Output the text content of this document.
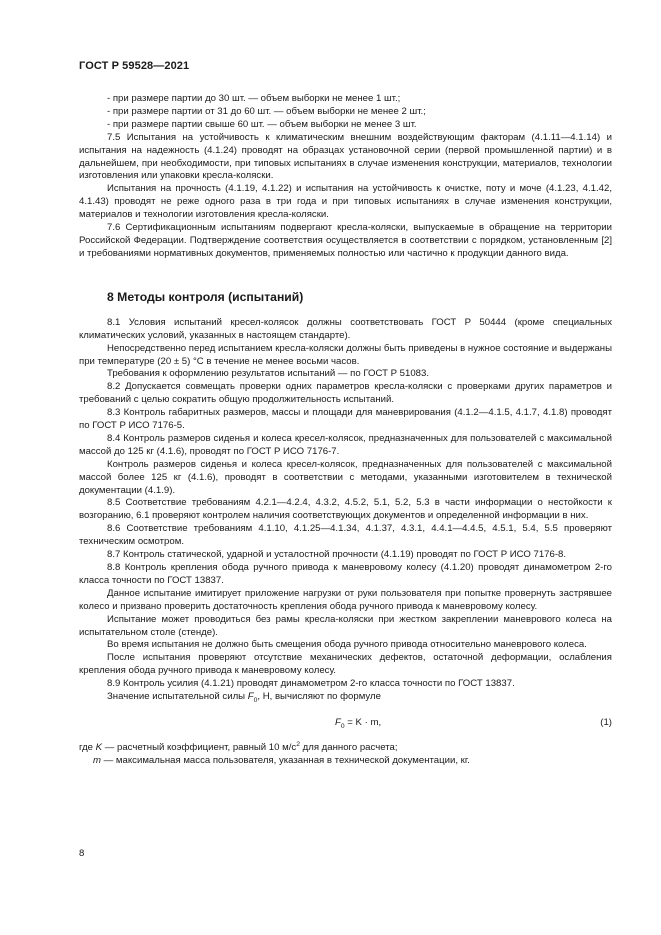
ГОСТ Р 59528—2021

- при размере партии до 30 шт. — объем выборки не менее 1 шт.;

- при размере партии от 31 до 60 шт. — объем выборки не менее 2 шт.;

- при размере партии свыше 60 шт. — объем выборки не менее 3 шт.

7.5 Испытания на устойчивость к климатическим внешним воздействующим факторам (4.1.11—4.1.14) и испытания на надежность (4.1.24) проводят на образцах установочной серии (первой промышленной партии) и в дальнейшем, при необходимости, при типовых испытаниях в случае изменения конструкции, материалов, технологии изготовления или упаковки кресла-коляски.

Испытания на прочность (4.1.19, 4.1.22) и испытания на устойчивость к очистке, поту и моче (4.1.23, 4.1.42, 4.1.43) проводят не реже одного раза в три года и при типовых испытаниях в случае изменения конструкции, материалов и технологии изготовления кресла-коляски.

7.6 Сертификационным испытаниям подвергают кресла-коляски, выпускаемые в обращение на территории Российской Федерации. Подтверждение соответствия осуществляется в соответствии с порядком, установленным [2] и требованиями нормативных документов, применяемых полностью или частично к продукции данного вида.

8 Методы контроля (испытаний)

8.1 Условия испытаний кресел-колясок должны соответствовать ГОСТ Р 50444 (кроме специальных климатических условий, указанных в настоящем стандарте).

Непосредственно перед испытанием кресла-коляски должны быть приведены в нужное состояние и выдержаны при температуре (20 ± 5) °С в течение не менее восьми часов.

Требования к оформлению результатов испытаний — по ГОСТ Р 51083.

8.2 Допускается совмещать проверки одних параметров кресла-коляски с проверками других параметров и требований с целью сократить общую продолжительность испытаний.

8.3 Контроль габаритных размеров, массы и площади для маневрирования (4.1.2—4.1.5, 4.1.7, 4.1.8) проводят по ГОСТ Р ИСО 7176-5.

8.4 Контроль размеров сиденья и колеса кресел-колясок, предназначенных для пользователей с максимальной массой до 125 кг (4.1.6), проводят по ГОСТ Р ИСО 7176-7.

Контроль размеров сиденья и колеса кресел-колясок, предназначенных для пользователей с максимальной массой более 125 кг (4.1.6), проводят в соответствии с методами, указанными изготовителем в технической документации (4.1.9).

8.5 Соответствие требованиям 4.2.1—4.2.4, 4.3.2, 4.5.2, 5.1, 5.2, 5.3 в части информации о нестойкости к возгоранию, 6.1 проверяют контролем наличия соответствующих документов и определенной информации в них.

8.6 Соответствие требованиям 4.1.10, 4.1.25—4.1.34, 4.1.37, 4.3.1, 4.4.1—4.4.5, 4.5.1, 5.4, 5.5 проверяют техническим осмотром.

8.7 Контроль статической, ударной и усталостной прочности (4.1.19) проводят по ГОСТ Р ИСО 7176-8.

8.8 Контроль крепления обода ручного привода к маневровому колесу (4.1.20) проводят динамометром 2-го класса точности по ГОСТ 13837.

Данное испытание имитирует приложение нагрузки от руки пользователя при попытке провернуть застрявшее колесо и призвано проверить достаточность крепления обода ручного привода к маневровому колесу.

Испытание может проводиться без рамы кресла-коляски при жестком закреплении маневрового колеса на испытательном столе (стенде).

Во время испытания не должно быть смещения обода ручного привода относительно маневрового колеса.

После испытания проверяют отсутствие механических дефектов, остаточной деформации, ослабления крепления обода ручного привода к маневровому колесу.

8.9 Контроль усилия (4.1.21) проводят динамометром 2-го класса точности по ГОСТ 13837.

Значение испытательной силы $F_0$, Н, вычисляют по формуле

$F_0 = K \cdot m$,	(1)

где K — расчетный коэффициент, равный 10 $м/с^2$ для данного расчета;

m — максимальная масса пользователя, указанная в технической документации, кг.

8
